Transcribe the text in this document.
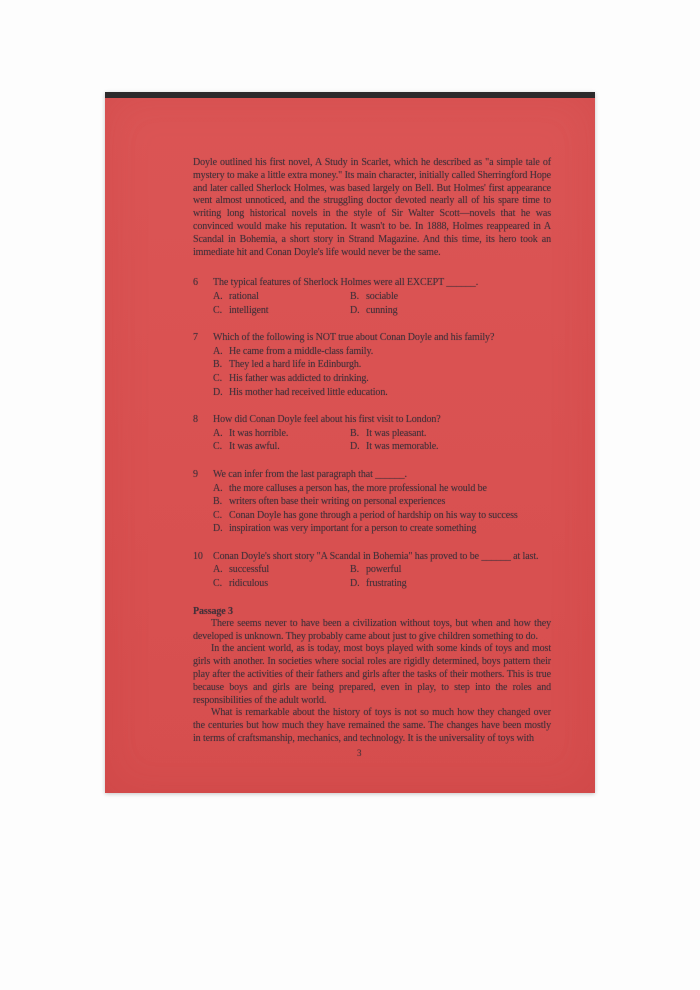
Doyle outlined his first novel, A Study in Scarlet, which he described as "a simple tale of mystery to make a little extra money." Its main character, initially called Sherringford Hope and later called Sherlock Holmes, was based largely on Bell. But Holmes' first appearance went almost unnoticed, and the struggling doctor devoted nearly all of his spare time to writing long historical novels in the style of Sir Walter Scott—novels that he was convinced would make his reputation. It wasn't to be. In 1888, Holmes reappeared in A Scandal in Bohemia, a short story in Strand Magazine. And this time, its hero took an immediate hit and Conan Doyle's life would never be the same.

6	The typical features of Sherlock Holmes were all EXCEPT ______.
A. rational	B. sociable
C. intelligent	D. cunning
7	Which of the following is NOT true about Conan Doyle and his family?
A. He came from a middle-class family.
B. They led a hard life in Edinburgh.
C. His father was addicted to drinking.
D. His mother had received little education.
8	How did Conan Doyle feel about his first visit to London?
A. It was horrible.	B. It was pleasant.
C. It was awful.	D. It was memorable.
9	We can infer from the last paragraph that ______.
A. the more calluses a person has, the more professional he would be
B. writers often base their writing on personal experiences
C. Conan Doyle has gone through a period of hardship on his way to success
D. inspiration was very important for a person to create something
10	Conan Doyle's short story "A Scandal in Bohemia" has proved to be ______ at last.
A. successful	B. powerful
C. ridiculous	D. frustrating

Passage 3

There seems never to have been a civilization without toys, but when and how they developed is unknown. They probably came about just to give children something to do.

In the ancient world, as is today, most boys played with some kinds of toys and most girls with another. In societies where social roles are rigidly determined, boys pattern their play after the activities of their fathers and girls after the tasks of their mothers. This is true because boys and girls are being prepared, even in play, to step into the roles and responsibilities of the adult world.

What is remarkable about the history of toys is not so much how they changed over the centuries but how much they have remained the same. The changes have been mostly in terms of craftsmanship, mechanics, and technology. It is the universality of toys with

3
